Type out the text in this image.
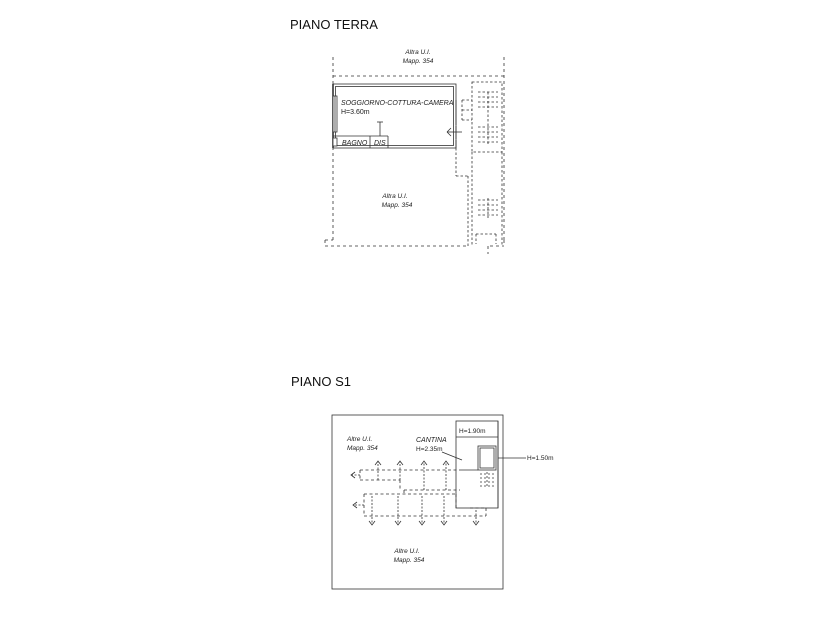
PIANO TERRA
PIANO S1
Altra U.I.
Mapp. 354
SOGGIORNO-COTTURA-CAMERA
H=3.60m
BAGNO DIS
Altra U.I.
Mapp. 354
Altre U.I.
Mapp. 354
CANTINA
H=2.35m
H=1.90m
H=1.50m
Altre U.I.
Mapp. 354
